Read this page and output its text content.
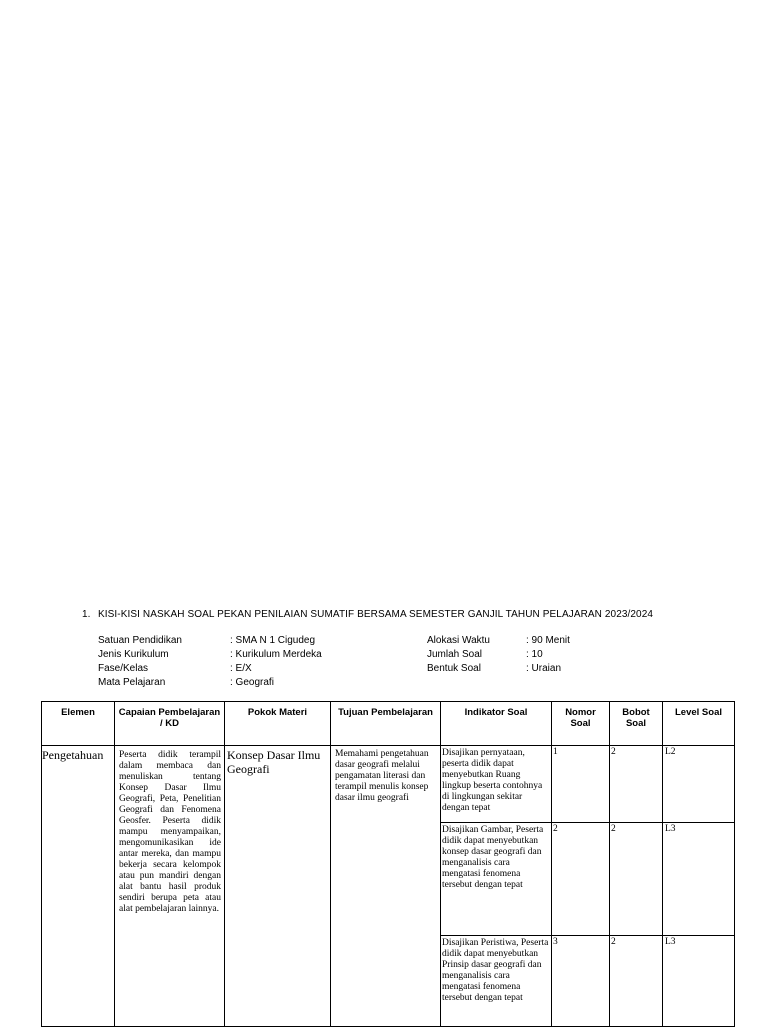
1. KISI-KISI NASKAH SOAL PEKAN PENILAIAN SUMATIF BERSAMA SEMESTER GANJIL TAHUN PELAJARAN 2023/2024
Satuan Pendidikan	: SMA N 1 Cigudeg
Jenis Kurikulum	: Kurikulum Merdeka
Fase/Kelas	: E/X
Mata Pelajaran	: Geografi
Alokasi Waktu	: 90 Menit
Jumlah Soal	: 10
Bentuk Soal	: Uraian
Elemen	Capaian Pembelajaran / KD	Pokok Materi	Tujuan Pembelajaran	Indikator Soal	Nomor Soal	Bobot Soal	Level Soal
Pengetahuan	Peserta didik terampil dalam membaca dan menuliskan tentang Konsep Dasar Ilmu Geografi, Peta, Penelitian Geografi dan Fenomena Geosfer. Peserta didik mampu menyampaikan, mengomunikasikan ide antar mereka, dan mampu bekerja secara kelompok atau pun mandiri dengan alat bantu hasil produk sendiri berupa peta atau alat pembelajaran lainnya.	Konsep Dasar Ilmu Geografi	Memahami pengetahuan dasar geografi melalui pengamatan literasi dan terampil menulis konsep dasar ilmu geografi	Disajikan pernyataan, peserta didik dapat menyebutkan Ruang lingkup beserta contohnya di lingkungan sekitar dengan tepat	1	2	L2
				Disajikan Gambar, Peserta didik dapat menyebutkan konsep dasar geografi dan menganalisis cara mengatasi fenomena tersebut dengan tepat	2	2	L3
				Disajikan Peristiwa, Peserta didik dapat menyebutkan Prinsip dasar geografi dan menganalisis cara mengatasi fenomena tersebut dengan tepat	3	2	L3
